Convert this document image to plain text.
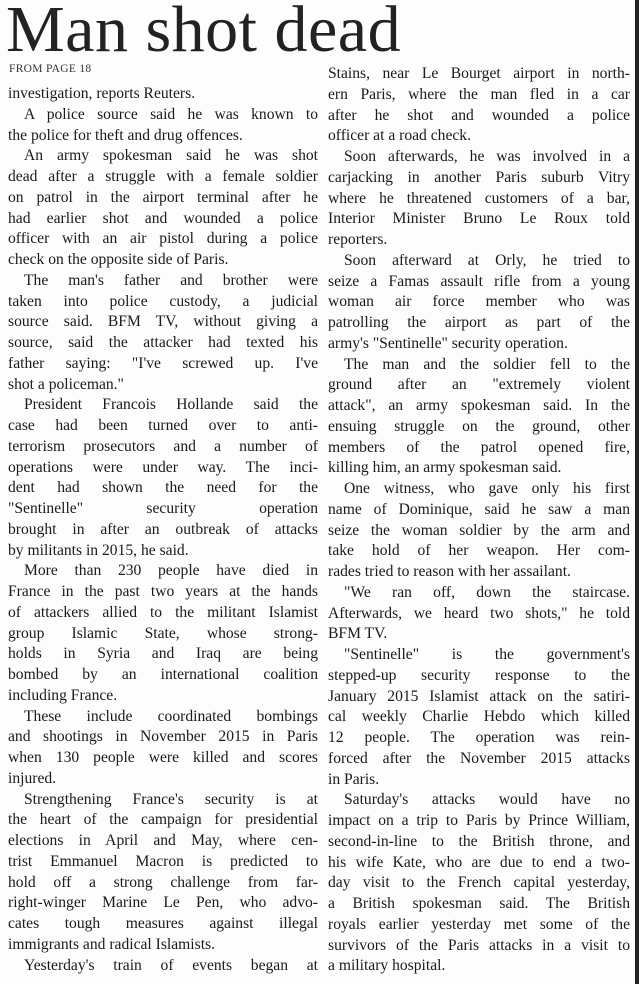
Man shot dead
FROM PAGE 18
investigation, reports Reuters.
A police source said he was known to
the police for theft and drug offences.
An army spokesman said he was shot
dead after a struggle with a female soldier
on patrol in the airport terminal after he
had earlier shot and wounded a police
officer with an air pistol during a police
check on the opposite side of Paris.
The man's father and brother were
taken into police custody, a judicial
source said. BFM TV, without giving a
source, said the attacker had texted his
father saying: "I've screwed up. I've
shot a policeman."
President Francois Hollande said the
case had been turned over to anti-
terrorism prosecutors and a number of
operations were under way. The inci-
dent had shown the need for the
"Sentinelle" security operation
brought in after an outbreak of attacks
by militants in 2015, he said.
More than 230 people have died in
France in the past two years at the hands
of attackers allied to the militant Islamist
group Islamic State, whose strong-
holds in Syria and Iraq are being
bombed by an international coalition
including France.
These include coordinated bombings
and shootings in November 2015 in Paris
when 130 people were killed and scores
injured.
Strengthening France's security is at
the heart of the campaign for presidential
elections in April and May, where cen-
trist Emmanuel Macron is predicted to
hold off a strong challenge from far-
right-winger Marine Le Pen, who advo-
cates tough measures against illegal
immigrants and radical Islamists.
Yesterday's train of events began at
Stains, near Le Bourget airport in north-
ern Paris, where the man fled in a car
after he shot and wounded a police
officer at a road check.
Soon afterwards, he was involved in a
carjacking in another Paris suburb Vitry
where he threatened customers of a bar,
Interior Minister Bruno Le Roux told
reporters.
Soon afterward at Orly, he tried to
seize a Famas assault rifle from a young
woman air force member who was
patrolling the airport as part of the
army's "Sentinelle" security operation.
The man and the soldier fell to the
ground after an "extremely violent
attack", an army spokesman said. In the
ensuing struggle on the ground, other
members of the patrol opened fire,
killing him, an army spokesman said.
One witness, who gave only his first
name of Dominique, said he saw a man
seize the woman soldier by the arm and
take hold of her weapon. Her com-
rades tried to reason with her assailant.
"We ran off, down the staircase.
Afterwards, we heard two shots," he told
BFM TV.
"Sentinelle" is the government's
stepped-up security response to the
January 2015 Islamist attack on the satiri-
cal weekly Charlie Hebdo which killed
12 people. The operation was rein-
forced after the November 2015 attacks
in Paris.
Saturday's attacks would have no
impact on a trip to Paris by Prince William,
second-in-line to the British throne, and
his wife Kate, who are due to end a two-
day visit to the French capital yesterday,
a British spokesman said. The British
royals earlier yesterday met some of the
survivors of the Paris attacks in a visit to
a military hospital.
